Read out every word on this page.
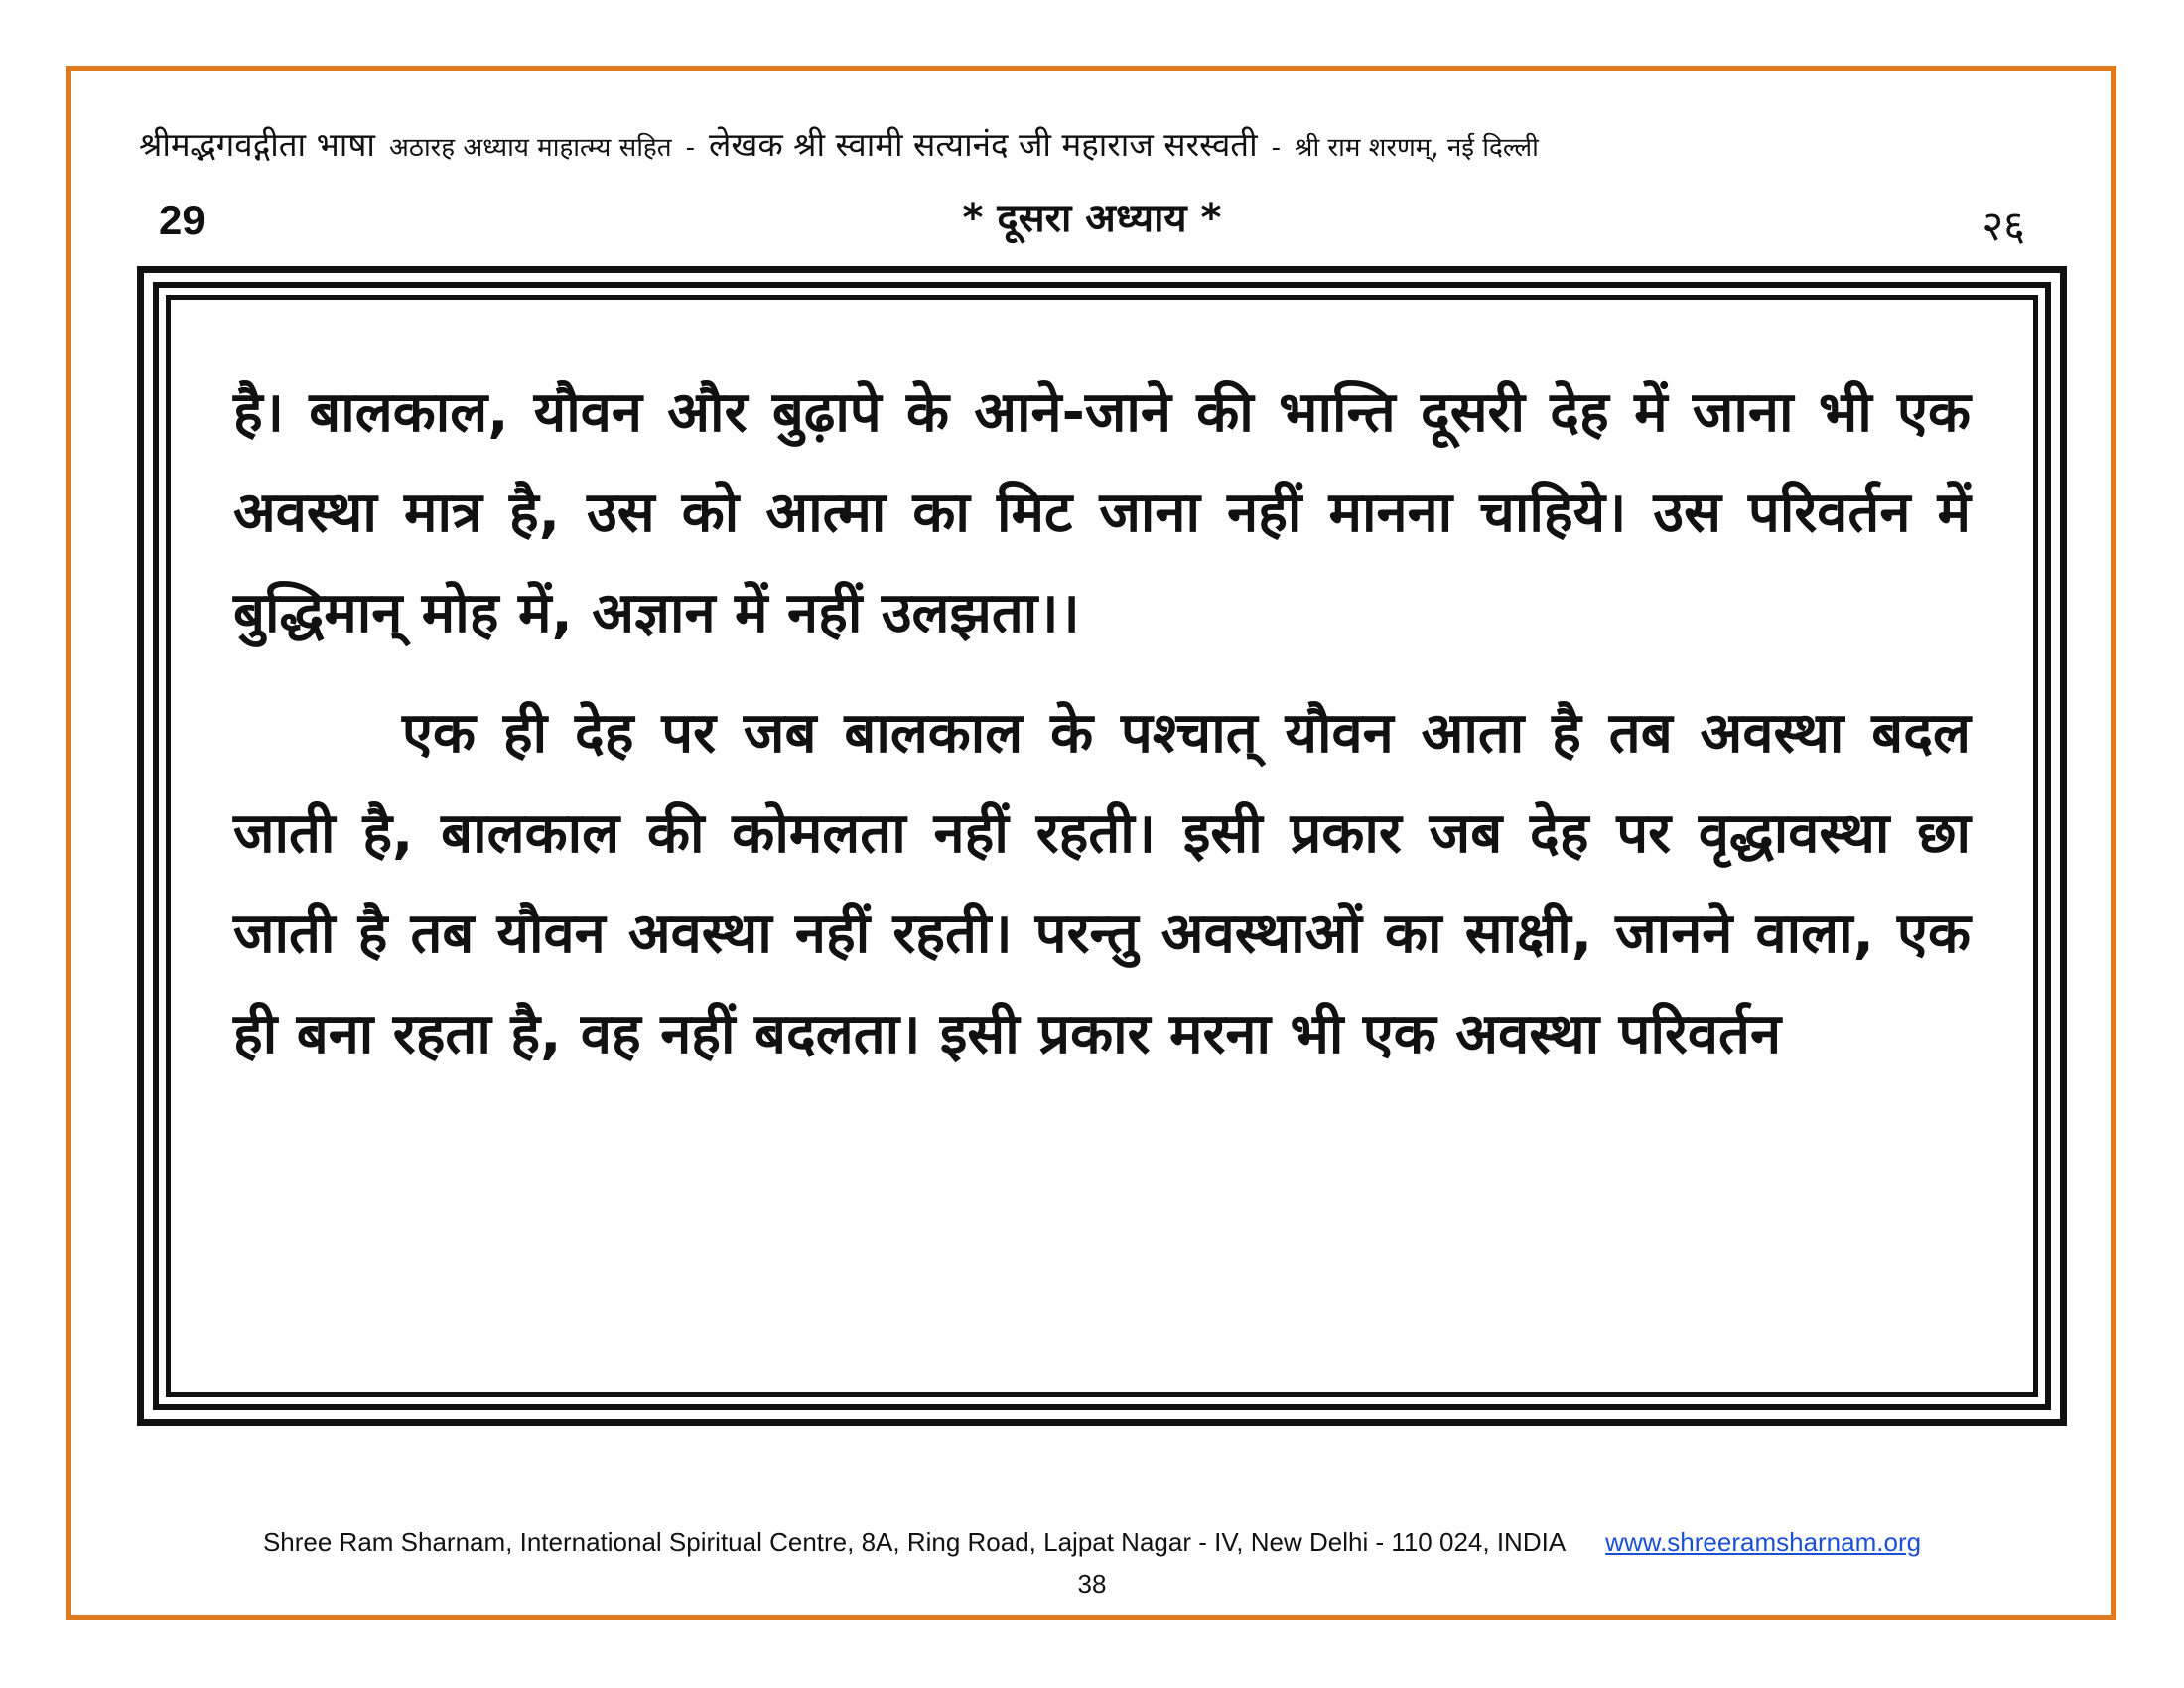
श्रीमद्भगवद्गीता भाषा अठारह अध्याय माहात्म्य सहित - लेखक श्री स्वामी सत्यानंद जी महाराज सरस्वती - श्री राम शरणम्, नई दिल्ली
29	* दूसरा अध्याय *	२६

है। बालकाल, यौवन और बुढ़ापे के आने-जाने की भान्ति दूसरी देह में जाना भी एक अवस्था मात्र है, उस को आत्मा का मिट जाना नहीं मानना चाहिये। उस परिवर्तन में बुद्धिमान् मोह में, अज्ञान में नहीं उलझता।।

एक ही देह पर जब बालकाल के पश्चात् यौवन आता है तब अवस्था बदल जाती है, बालकाल की कोमलता नहीं रहती। इसी प्रकार जब देह पर वृद्धावस्था छा जाती है तब यौवन अवस्था नहीं रहती। परन्तु अवस्थाओं का साक्षी, जानने वाला, एक ही बना रहता है, वह नहीं बदलता। इसी प्रकार मरना भी एक अवस्था परिवर्तन

Shree Ram Sharnam, International Spiritual Centre, 8A, Ring Road, Lajpat Nagar - IV, New Delhi - 110 024, INDIA www.shreeramsharnam.org
38
